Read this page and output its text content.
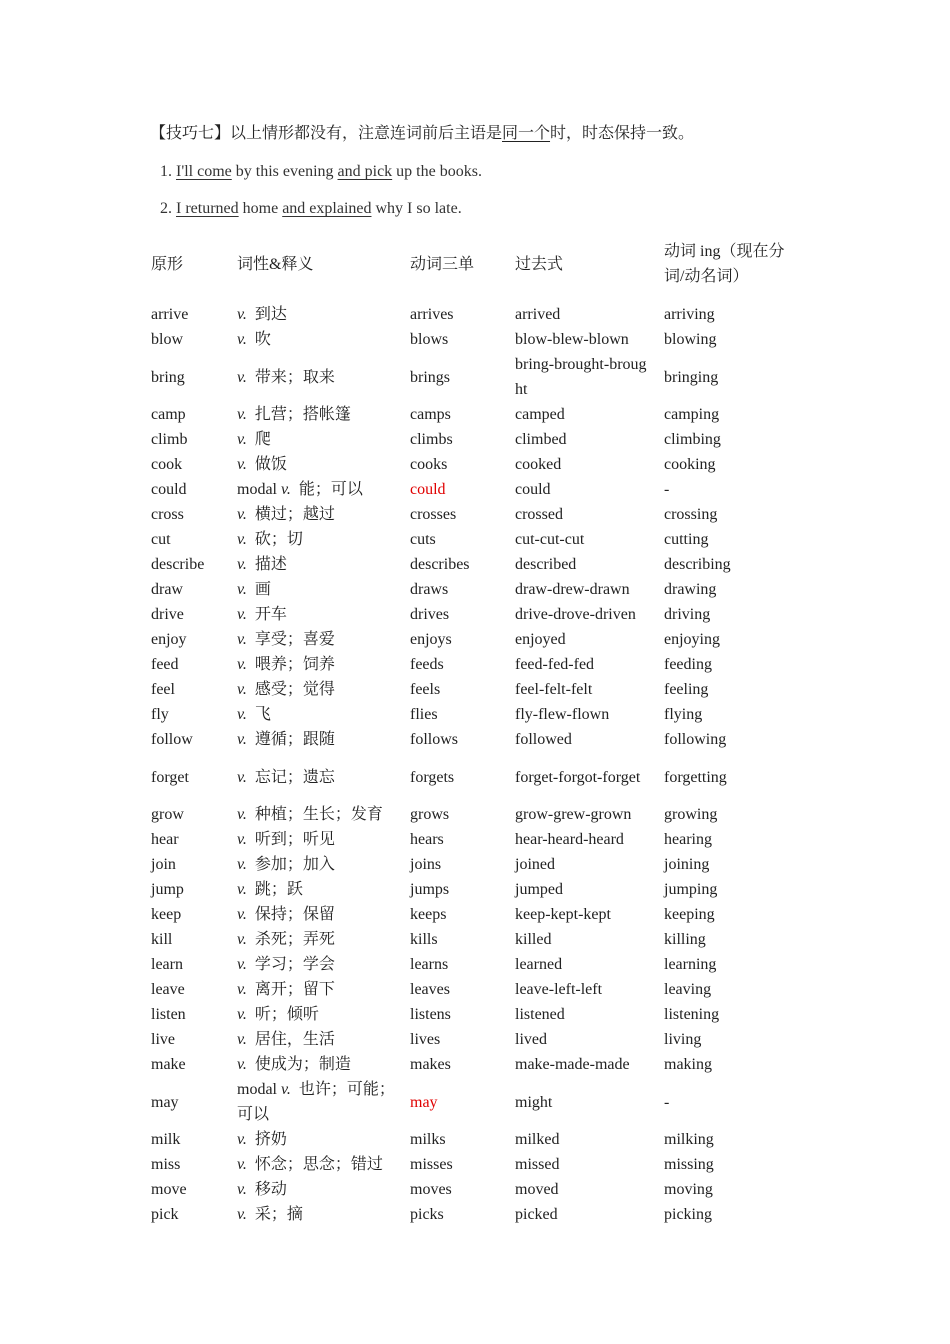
【技巧七】以上情形都没有，注意连词前后主语是同一个时，时态保持一致。
1. I'll come by this evening and pick up the books.
2. I returned home and explained why I so late.
原形	词性&释义	动词三单	过去式	动词 ing（现在分词/动名词）
arrive	v. 到达	arrives	arrived	arriving
blow	v. 吹	blows	blow-blew-blown	blowing
bring	v. 带来；取来	brings	bring-brought-brought	bringing
camp	v. 扎营；搭帐篷	camps	camped	camping
climb	v. 爬	climbs	climbed	climbing
cook	v. 做饭	cooks	cooked	cooking
could	modal v. 能；可以	could	could	-
cross	v. 横过；越过	crosses	crossed	crossing
cut	v. 砍；切	cuts	cut-cut-cut	cutting
describe	v. 描述	describes	described	describing
draw	v. 画	draws	draw-drew-drawn	drawing
drive	v. 开车	drives	drive-drove-driven	driving
enjoy	v. 享受；喜爱	enjoys	enjoyed	enjoying
feed	v. 喂养；饲养	feeds	feed-fed-fed	feeding
feel	v. 感受；觉得	feels	feel-felt-felt	feeling
fly	v. 飞	flies	fly-flew-flown	flying
follow	v. 遵循；跟随	follows	followed	following
forget	v. 忘记；遗忘	forgets	forget-forgot-forget	forgetting
grow	v. 种植；生长；发育	grows	grow-grew-grown	growing
hear	v. 听到；听见	hears	hear-heard-heard	hearing
join	v. 参加；加入	joins	joined	joining
jump	v. 跳；跃	jumps	jumped	jumping
keep	v. 保持；保留	keeps	keep-kept-kept	keeping
kill	v. 杀死；弄死	kills	killed	killing
learn	v. 学习；学会	learns	learned	learning
leave	v. 离开；留下	leaves	leave-left-left	leaving
listen	v. 听；倾听	listens	listened	listening
live	v. 居住，生活	lives	lived	living
make	v. 使成为；制造	makes	make-made-made	making
may	modal v. 也许；可能；可以	may	might	-
milk	v. 挤奶	milks	milked	milking
miss	v. 怀念；思念；错过	misses	missed	missing
move	v. 移动	moves	moved	moving
pick	v. 采；摘	picks	picked	picking
